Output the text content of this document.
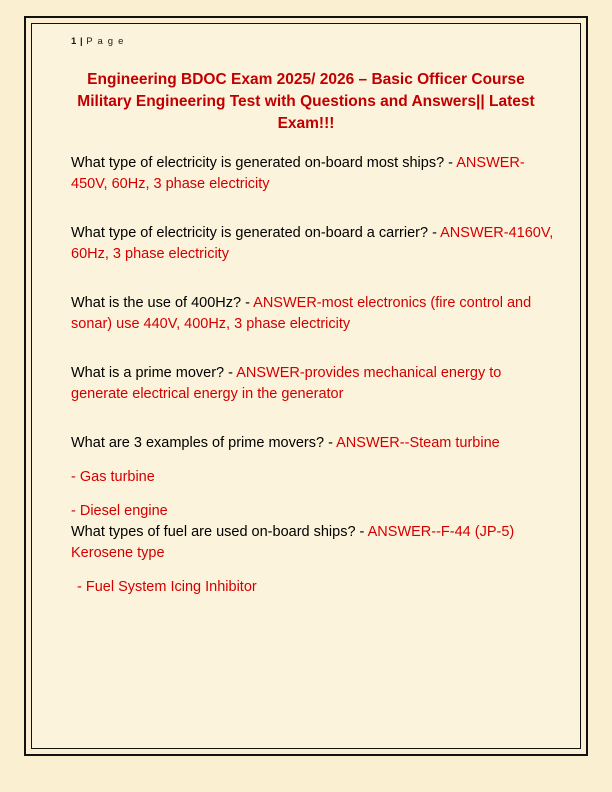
1 | P a g e
Engineering BDOC Exam 2025/ 2026 – Basic Officer Course Military Engineering Test with Questions and Answers|| Latest Exam!!!
What type of electricity is generated on-board most ships? - ANSWER-450V, 60Hz, 3 phase electricity
What type of electricity is generated on-board a carrier? - ANSWER-4160V, 60Hz, 3 phase electricity
What is the use of 400Hz? - ANSWER-most electronics (fire control and sonar) use 440V, 400Hz, 3 phase electricity
What is a prime mover? - ANSWER-provides mechanical energy to generate electrical energy in the generator
What are 3 examples of prime movers? - ANSWER--Steam turbine
- Gas turbine
- Diesel engine
What types of fuel are used on-board ships? - ANSWER--F-44 (JP-5) Kerosene type
- Fuel System Icing Inhibitor
